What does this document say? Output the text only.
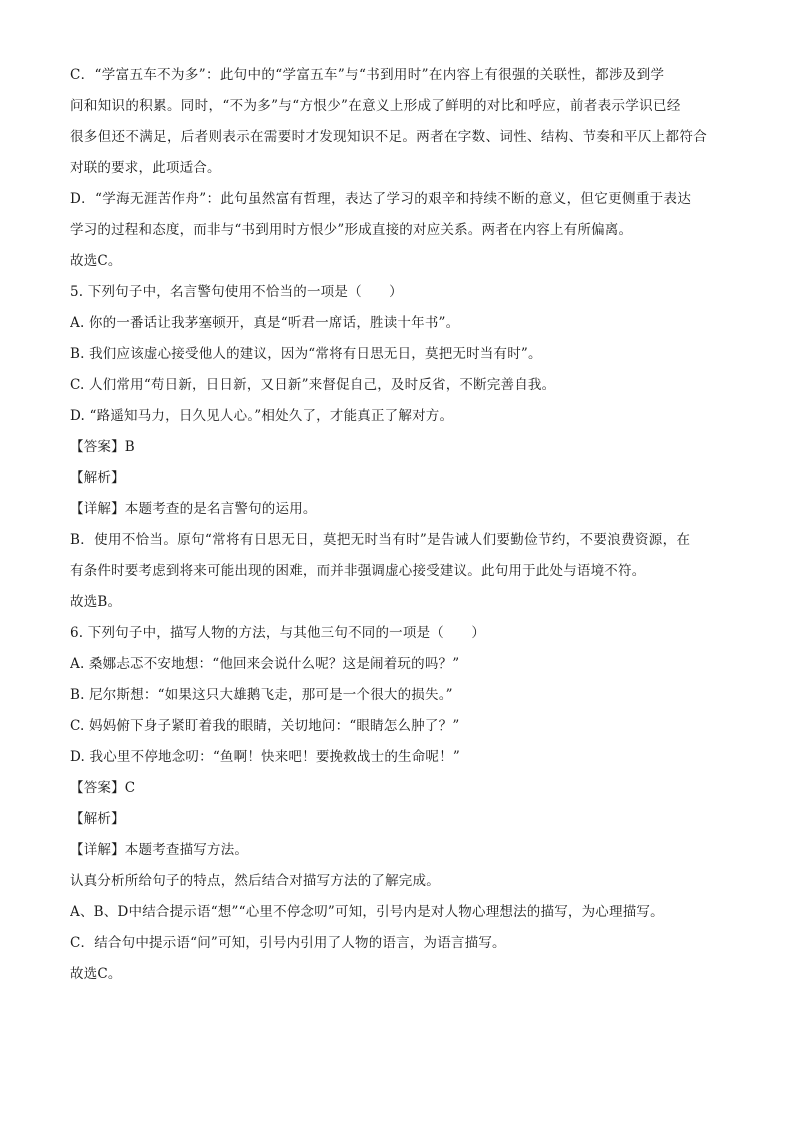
C．“学富五车不为多”：此句中的“学富五车”与“书到用时”在内容上有很强的关联性，都涉及到学
问和知识的积累。同时，“不为多”与“方恨少”在意义上形成了鲜明的对比和呼应，前者表示学识已经
很多但还不满足，后者则表示在需要时才发现知识不足。两者在字数、词性、结构、节奏和平仄上都符合
对联的要求，此项适合。
D．“学海无涯苦作舟”：此句虽然富有哲理，表达了学习的艰辛和持续不断的意义，但它更侧重于表达
学习的过程和态度，而非与“书到用时方恨少”形成直接的对应关系。两者在内容上有所偏离。
故选C。
5. 下列句子中，名言警句使用不恰当的一项是（　　）
A. 你的一番话让我茅塞顿开，真是“听君一席话，胜读十年书”。
B. 我们应该虚心接受他人的建议，因为“常将有日思无日，莫把无时当有时”。
C. 人们常用“苟日新，日日新，又日新”来督促自己，及时反省，不断完善自我。
D. “路遥知马力，日久见人心。”相处久了，才能真正了解对方。
【答案】B
【解析】
【详解】本题考查的是名言警句的运用。
B．使用不恰当。原句“常将有日思无日，莫把无时当有时”是告诫人们要勤俭节约，不要浪费资源，在
有条件时要考虑到将来可能出现的困难，而并非强调虚心接受建议。此句用于此处与语境不符。
故选B。
6. 下列句子中，描写人物的方法，与其他三句不同的一项是（　　）
A. 桑娜忐忑不安地想：“他回来会说什么呢？这是闹着玩的吗？”
B. 尼尔斯想：“如果这只大雄鹅飞走，那可是一个很大的损失。”
C. 妈妈俯下身子紧盯着我的眼睛，关切地问：“眼睛怎么肿了？”
D. 我心里不停地念叨：“鱼啊！快来吧！要挽救战士的生命呢！”
【答案】C
【解析】
【详解】本题考查描写方法。
认真分析所给句子的特点，然后结合对描写方法的了解完成。
A、B、D中结合提示语“想”“心里不停念叨”可知，引号内是对人物心理想法的描写，为心理描写。
C．结合句中提示语“问”可知，引号内引用了人物的语言，为语言描写。
故选C。
